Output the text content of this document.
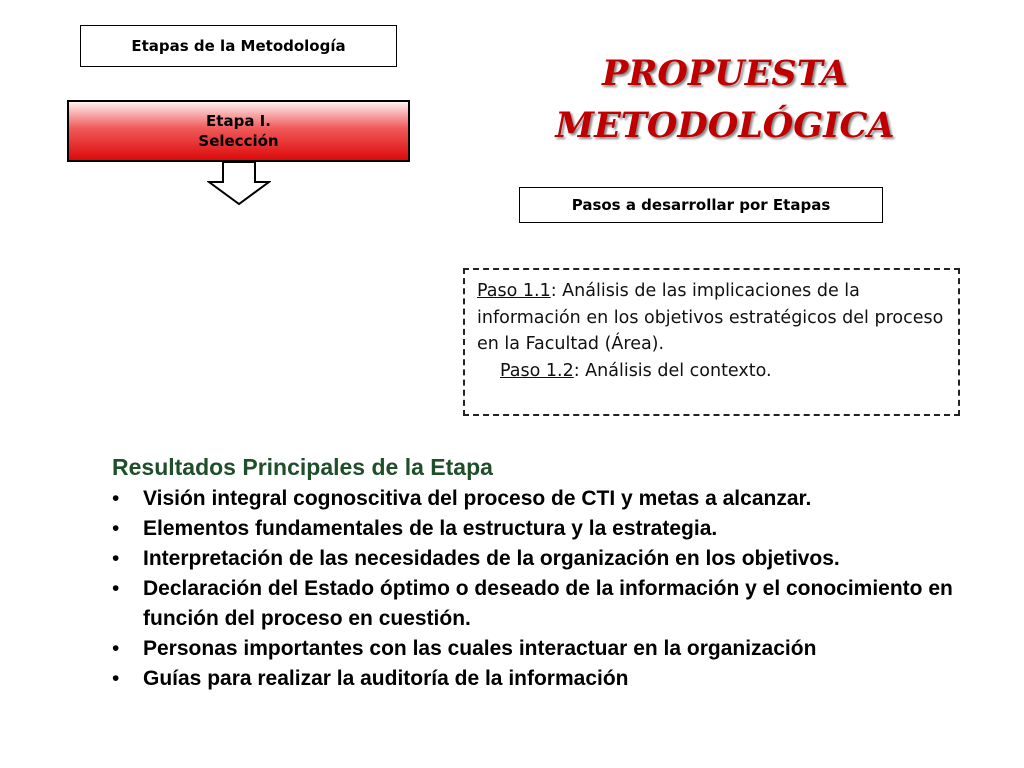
Etapas de la Metodología
Etapa I.
Selección
PROPUESTA
METODOLÓGICA
Pasos a desarrollar por Etapas
Paso 1.1: Análisis de las implicaciones de la información en los objetivos estratégicos del proceso en la Facultad (Área).
Paso 1.2: Análisis del contexto.
Resultados Principales de la Etapa
• Visión integral cognoscitiva del proceso de CTI y metas a alcanzar.
• Elementos fundamentales de la estructura y la estrategia.
• Interpretación de las necesidades de la organización en los objetivos.
• Declaración del Estado óptimo o deseado de la información y el conocimiento en función del proceso en cuestión.
• Personas importantes con las cuales interactuar en la organización
• Guías para realizar la auditoría de la información
